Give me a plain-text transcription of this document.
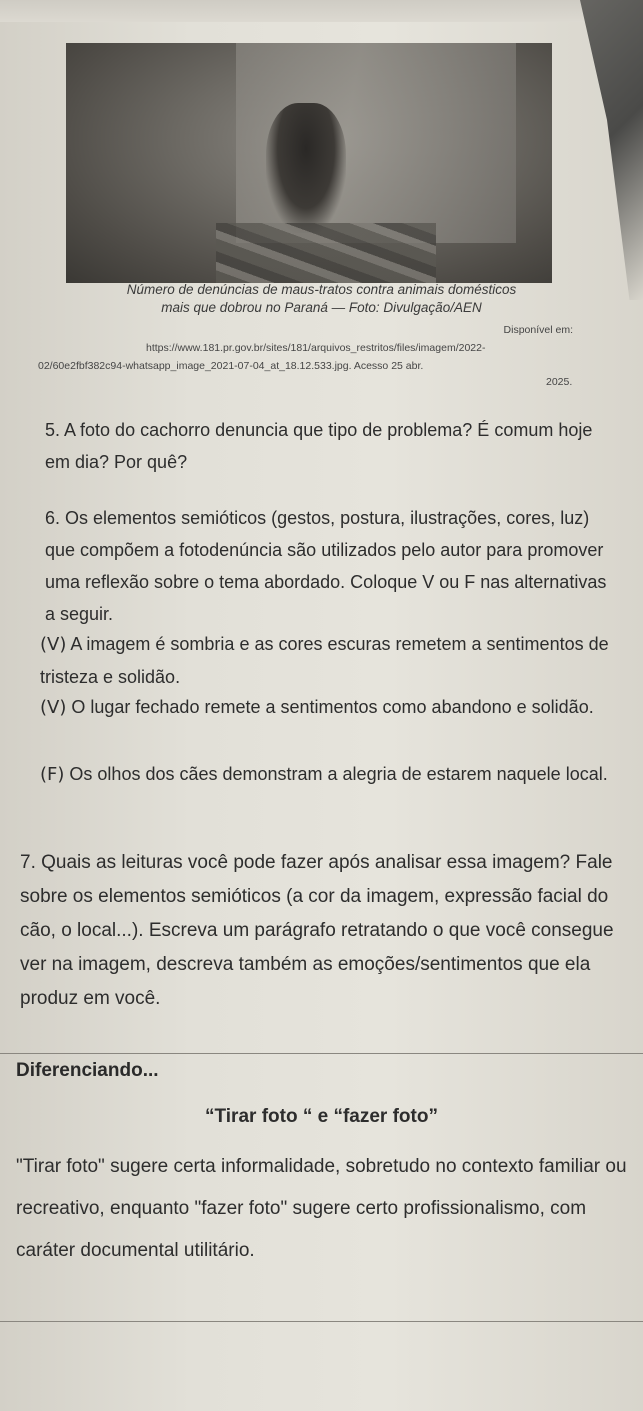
Número de denúncias de maus-tratos contra animais domésticos
mais que dobrou no Paraná — Foto: Divulgação/AEN
Disponível em:
https://www.181.pr.gov.br/sites/181/arquivos_restritos/files/imagem/2022-
02/60e2fbf382c94-whatsapp_image_2021-07-04_at_18.12.533.jpg. Acesso 25 abr.
2025.
5. A foto do cachorro denuncia que tipo de problema? É comum hoje em dia? Por quê?
6. Os elementos semióticos (gestos, postura, ilustrações, cores, luz) que compõem a fotodenúncia são utilizados pelo autor para promover uma reflexão sobre o tema abordado. Coloque V ou F nas alternativas a seguir.
(V) A imagem é sombria e as cores escuras remetem a sentimentos de tristeza e solidão.
(V) O lugar fechado remete a sentimentos como abandono e solidão.
(F) Os olhos dos cães demonstram a alegria de estarem naquele local.
7. Quais as leituras você pode fazer após analisar essa imagem? Fale sobre os elementos semióticos (a cor da imagem, expressão facial do cão, o local...). Escreva um parágrafo retratando o que você consegue ver na imagem, descreva também as emoções/sentimentos que ela produz em você.
Diferenciando...
“Tirar foto “ e “fazer foto”
"Tirar foto" sugere certa informalidade, sobretudo no contexto familiar ou recreativo, enquanto "fazer foto" sugere certo profissionalismo, com caráter documental utilitário.
